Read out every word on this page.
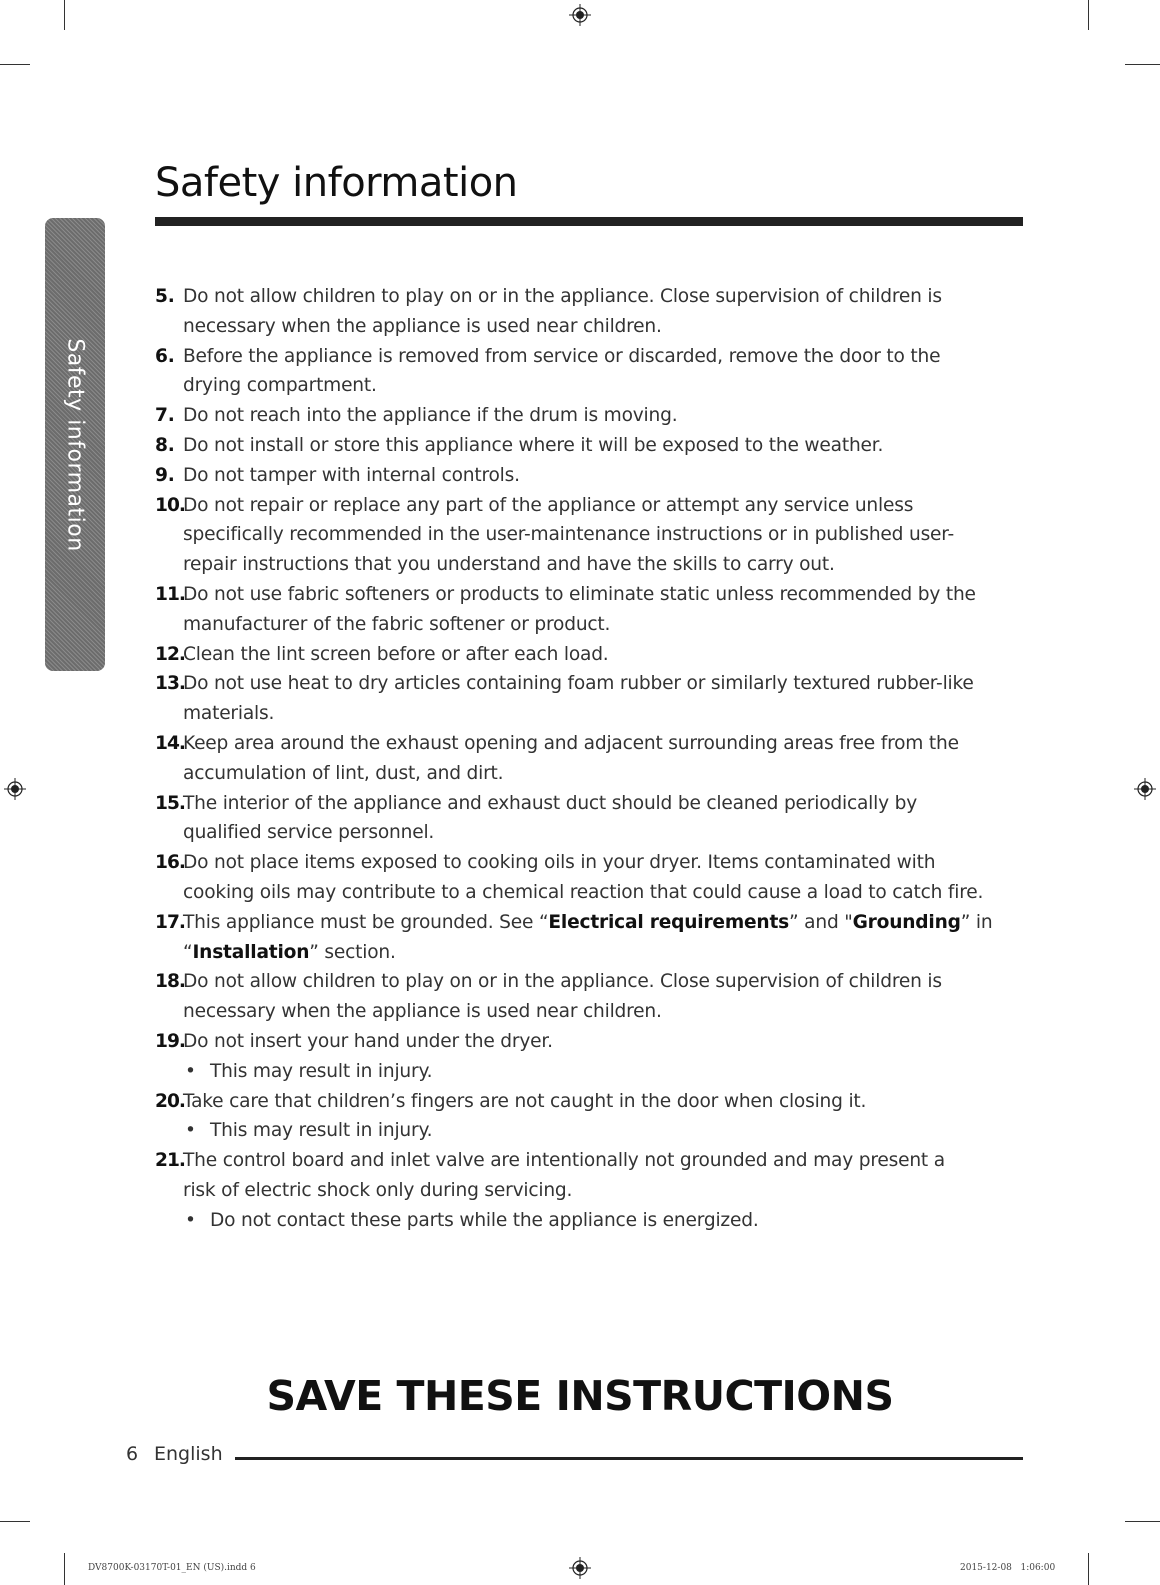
Safety information
Safety information
5. Do not allow children to play on or in the appliance. Close supervision of children is
necessary when the appliance is used near children.
6. Before the appliance is removed from service or discarded, remove the door to the
drying compartment.
7. Do not reach into the appliance if the drum is moving.
8. Do not install or store this appliance where it will be exposed to the weather.
9. Do not tamper with internal controls.
10.
Do not repair or replace any part of the appliance or attempt any service unless
specifically recommended in the user-maintenance instructions or in published user-
repair instructions that you understand and have the skills to carry out.
11.
Do not use fabric softeners or products to eliminate static unless recommended by the
manufacturer of the fabric softener or product.
12.
Clean the lint screen before or after each load.
13.
Do not use heat to dry articles containing foam rubber or similarly textured rubber-like
materials.
14.
Keep area around the exhaust opening and adjacent surrounding areas free from the
accumulation of lint, dust, and dirt.
15.
The interior of the appliance and exhaust duct should be cleaned periodically by
qualified service personnel.
16.
Do not place items exposed to cooking oils in your dryer. Items contaminated with
cooking oils may contribute to a chemical reaction that could cause a load to catch fire.
17.
This appliance must be grounded. See “Electrical requirements” and "Grounding” in
“Installation” section.
18.
Do not allow children to play on or in the appliance. Close supervision of children is
necessary when the appliance is used near children.
19.
Do not insert your hand under the dryer.
• This may result in injury.
20.
Take care that children’s fingers are not caught in the door when closing it.
• This may result in injury.
21.
The control board and inlet valve are intentionally not grounded and may present a
risk of electric shock only during servicing.
• Do not contact these parts while the appliance is energized.
SAVE THESE INSTRUCTIONS
6 English
DV8700K-03170T-01_EN (US).indd 6	2015-12-08   1:06:00
